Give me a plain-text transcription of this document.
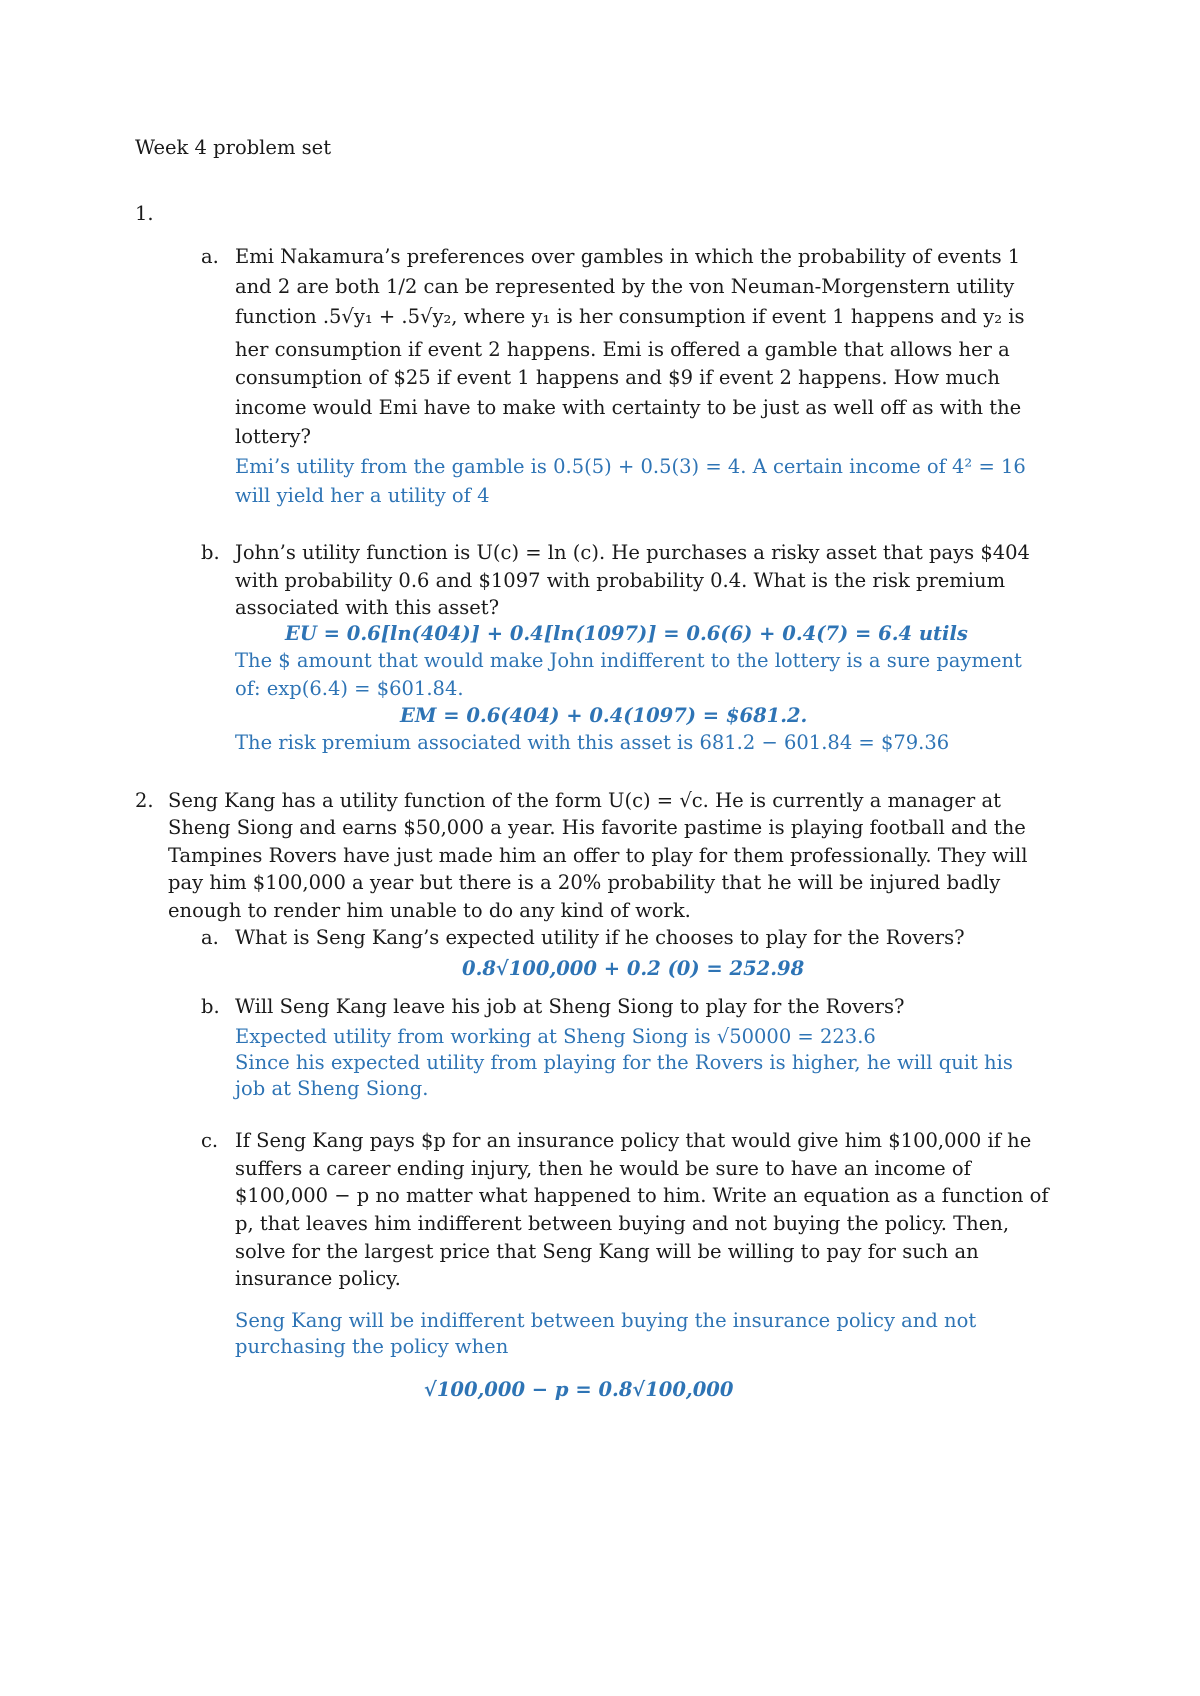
Week 4 problem set
1.
a. Emi Nakamura’s preferences over gambles in which the probability of events 1
and 2 are both 1/2 can be represented by the von Neuman-Morgenstern utility
function .5√y₁ + .5√y₂, where y₁ is her consumption if event 1 happens and y₂ is
her consumption if event 2 happens. Emi is offered a gamble that allows her a
consumption of $25 if event 1 happens and $9 if event 2 happens. How much
income would Emi have to make with certainty to be just as well off as with the
lottery?
Emi’s utility from the gamble is 0.5(5) + 0.5(3) = 4. A certain income of 4² = 16
will yield her a utility of 4
b. John’s utility function is U(c) = ln (c). He purchases a risky asset that pays $404
with probability 0.6 and $1097 with probability 0.4. What is the risk premium
associated with this asset?
EU = 0.6[ln(404)] + 0.4[ln(1097)] = 0.6(6) + 0.4(7) = 6.4 utils
The $ amount that would make John indifferent to the lottery is a sure payment
of: exp(6.4) = $601.84.
EM = 0.6(404) + 0.4(1097) = $681.2.
The risk premium associated with this asset is 681.2 − 601.84 = $79.36
2. Seng Kang has a utility function of the form U(c) = √c. He is currently a manager at
Sheng Siong and earns $50,000 a year. His favorite pastime is playing football and the
Tampines Rovers have just made him an offer to play for them professionally. They will
pay him $100,000 a year but there is a 20% probability that he will be injured badly
enough to render him unable to do any kind of work.
a. What is Seng Kang’s expected utility if he chooses to play for the Rovers?
0.8√100,000 + 0.2 (0) = 252.98
b. Will Seng Kang leave his job at Sheng Siong to play for the Rovers?
Expected utility from working at Sheng Siong is √50000 = 223.6
Since his expected utility from playing for the Rovers is higher, he will quit his
job at Sheng Siong.
c. If Seng Kang pays $p for an insurance policy that would give him $100,000 if he
suffers a career ending injury, then he would be sure to have an income of
$100,000 − p no matter what happened to him. Write an equation as a function of
p, that leaves him indifferent between buying and not buying the policy. Then,
solve for the largest price that Seng Kang will be willing to pay for such an
insurance policy.
Seng Kang will be indifferent between buying the insurance policy and not
purchasing the policy when
√100,000 − p = 0.8√100,000
